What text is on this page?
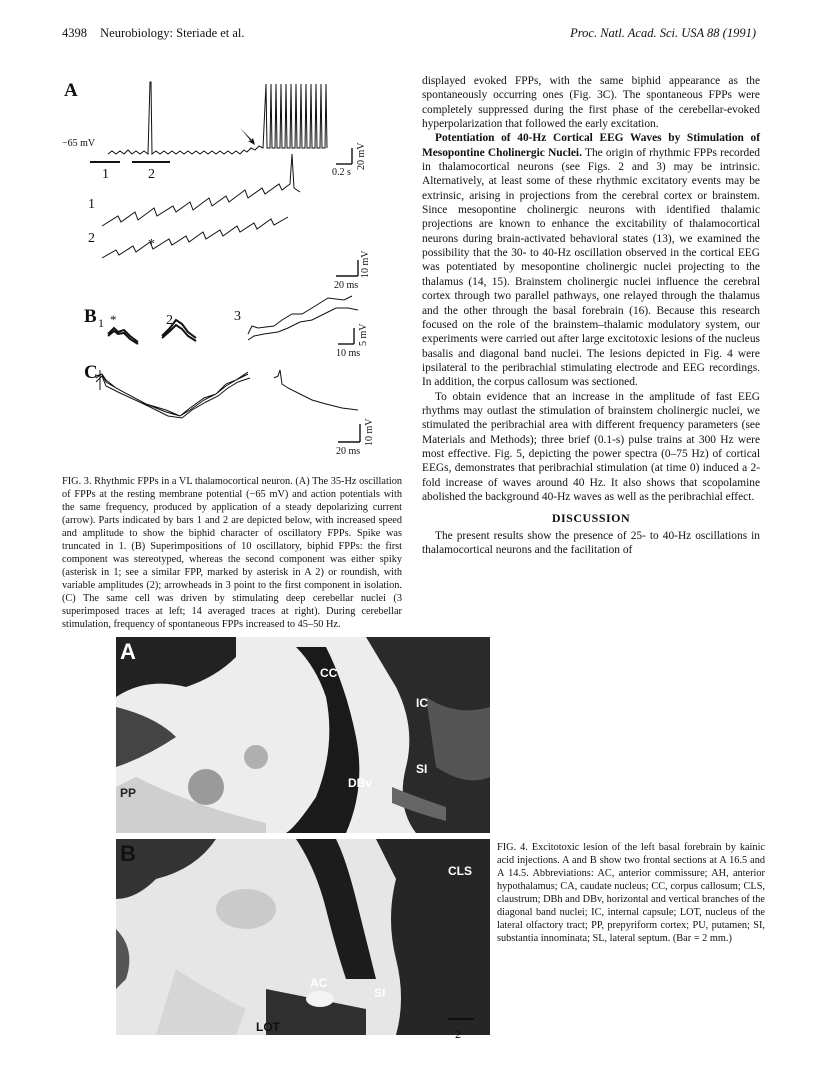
4398 Neurobiology: Steriade et al.	Proc. Natl. Acad. Sci. USA 88 (1991)
A
−65 mV
1	2	0.2 s
20 mV
1
2	*
20 ms
10 mV
B 1 *	2	3
10 ms
5 mV
C
20 ms
10 mV
FIG. 3. Rhythmic FPPs in a VL thalamocortical neuron. (A) The 35-Hz oscillation of FPPs at the resting membrane potential (−65 mV) and action potentials with the same frequency, produced by application of a steady depolarizing current (arrow). Parts indicated by bars 1 and 2 are depicted below, with increased speed and amplitude to show the biphid character of oscillatory FPPs. Spike was truncated in 1. (B) Superimpositions of 10 oscillatory, biphid FPPs: the first component was stereotyped, whereas the second component was either spiky (asterisk in 1; see a similar FPP, marked by asterisk in A 2) or roundish, with variable amplitudes (2); arrowheads in 3 point to the first component in isolation. (C) The same cell was driven by stimulating deep cerebellar nuclei (3 superimposed traces at left; 14 averaged traces at right). During cerebellar stimulation, frequency of spontaneous FPPs increased to 45–50 Hz.

displayed evoked FPPs, with the same biphid appearance as the spontaneously occurring ones (Fig. 3C). The spontaneous FPPs were completely suppressed during the first phase of the cerebellar-evoked hyperpolarization that followed the early excitation.

Potentiation of 40-Hz Cortical EEG Waves by Stimulation of Mesopontine Cholinergic Nuclei. The origin of rhythmic FPPs recorded in thalamocortical neurons (see Figs. 2 and 3) may be intrinsic. Alternatively, at least some of these rhythmic excitatory events may be extrinsic, arising in projections from the cerebral cortex or brainstem. Since mesopontine cholinergic neurons with identified thalamic projections are known to enhance the excitability of thalamocortical neurons during brain-activated behavioral states (13), we examined the possibility that the 30- to 40-Hz oscillation observed in the cortical EEG was potentiated by mesopontine cholinergic nuclei projecting to the thalamus (14, 15). Brainstem cholinergic nuclei influence the cerebral cortex through two parallel pathways, one relayed through the thalamus and the other through the basal forebrain (16). Because this research focused on the role of the brainstem–thalamic modulatory system, our experiments were carried out after large excitotoxic lesions of the nucleus basalis and diagonal band nuclei. The lesions depicted in Fig. 4 were ipsilateral to the peribrachial stimulating electrode and EEG recordings. In addition, the corpus callosum was sectioned.

To obtain evidence that an increase in the amplitude of fast EEG rhythms may outlast the stimulation of brainstem cholinergic nuclei, we stimulated the peribrachial area with different frequency parameters (see Materials and Methods); three brief (0.1-s) pulse trains at 300 Hz were most effective. Fig. 5, depicting the power spectra (0–75 Hz) of cortical EEGs, demonstrates that peribrachial stimulation (at time 0) induced a 2-fold increase of waves around 40 Hz. It also shows that scopolamine abolished the background 40-Hz waves as well as the peribrachial effect.

DISCUSSION

The present results show the presence of 25- to 40-Hz oscillations in thalamocortical neurons and the facilitation of

A
CC
IC
DBv
SI
PP
B
CLS
AC
SI
LOT	2
FIG. 4. Excitotoxic lesion of the left basal forebrain by kainic acid injections. A and B show two frontal sections at A 16.5 and A 14.5. Abbreviations: AC, anterior commissure; AH, anterior hypothalamus; CA, caudate nucleus; CC, corpus callosum; CLS, claustrum; DBh and DBv, horizontal and vertical branches of the diagonal band nuclei; IC, internal capsule; LOT, nucleus of the lateral olfactory tract; PP, prepyriform cortex; PU, putamen; SI, substantia innominata; SL, lateral septum. (Bar = 2 mm.)
